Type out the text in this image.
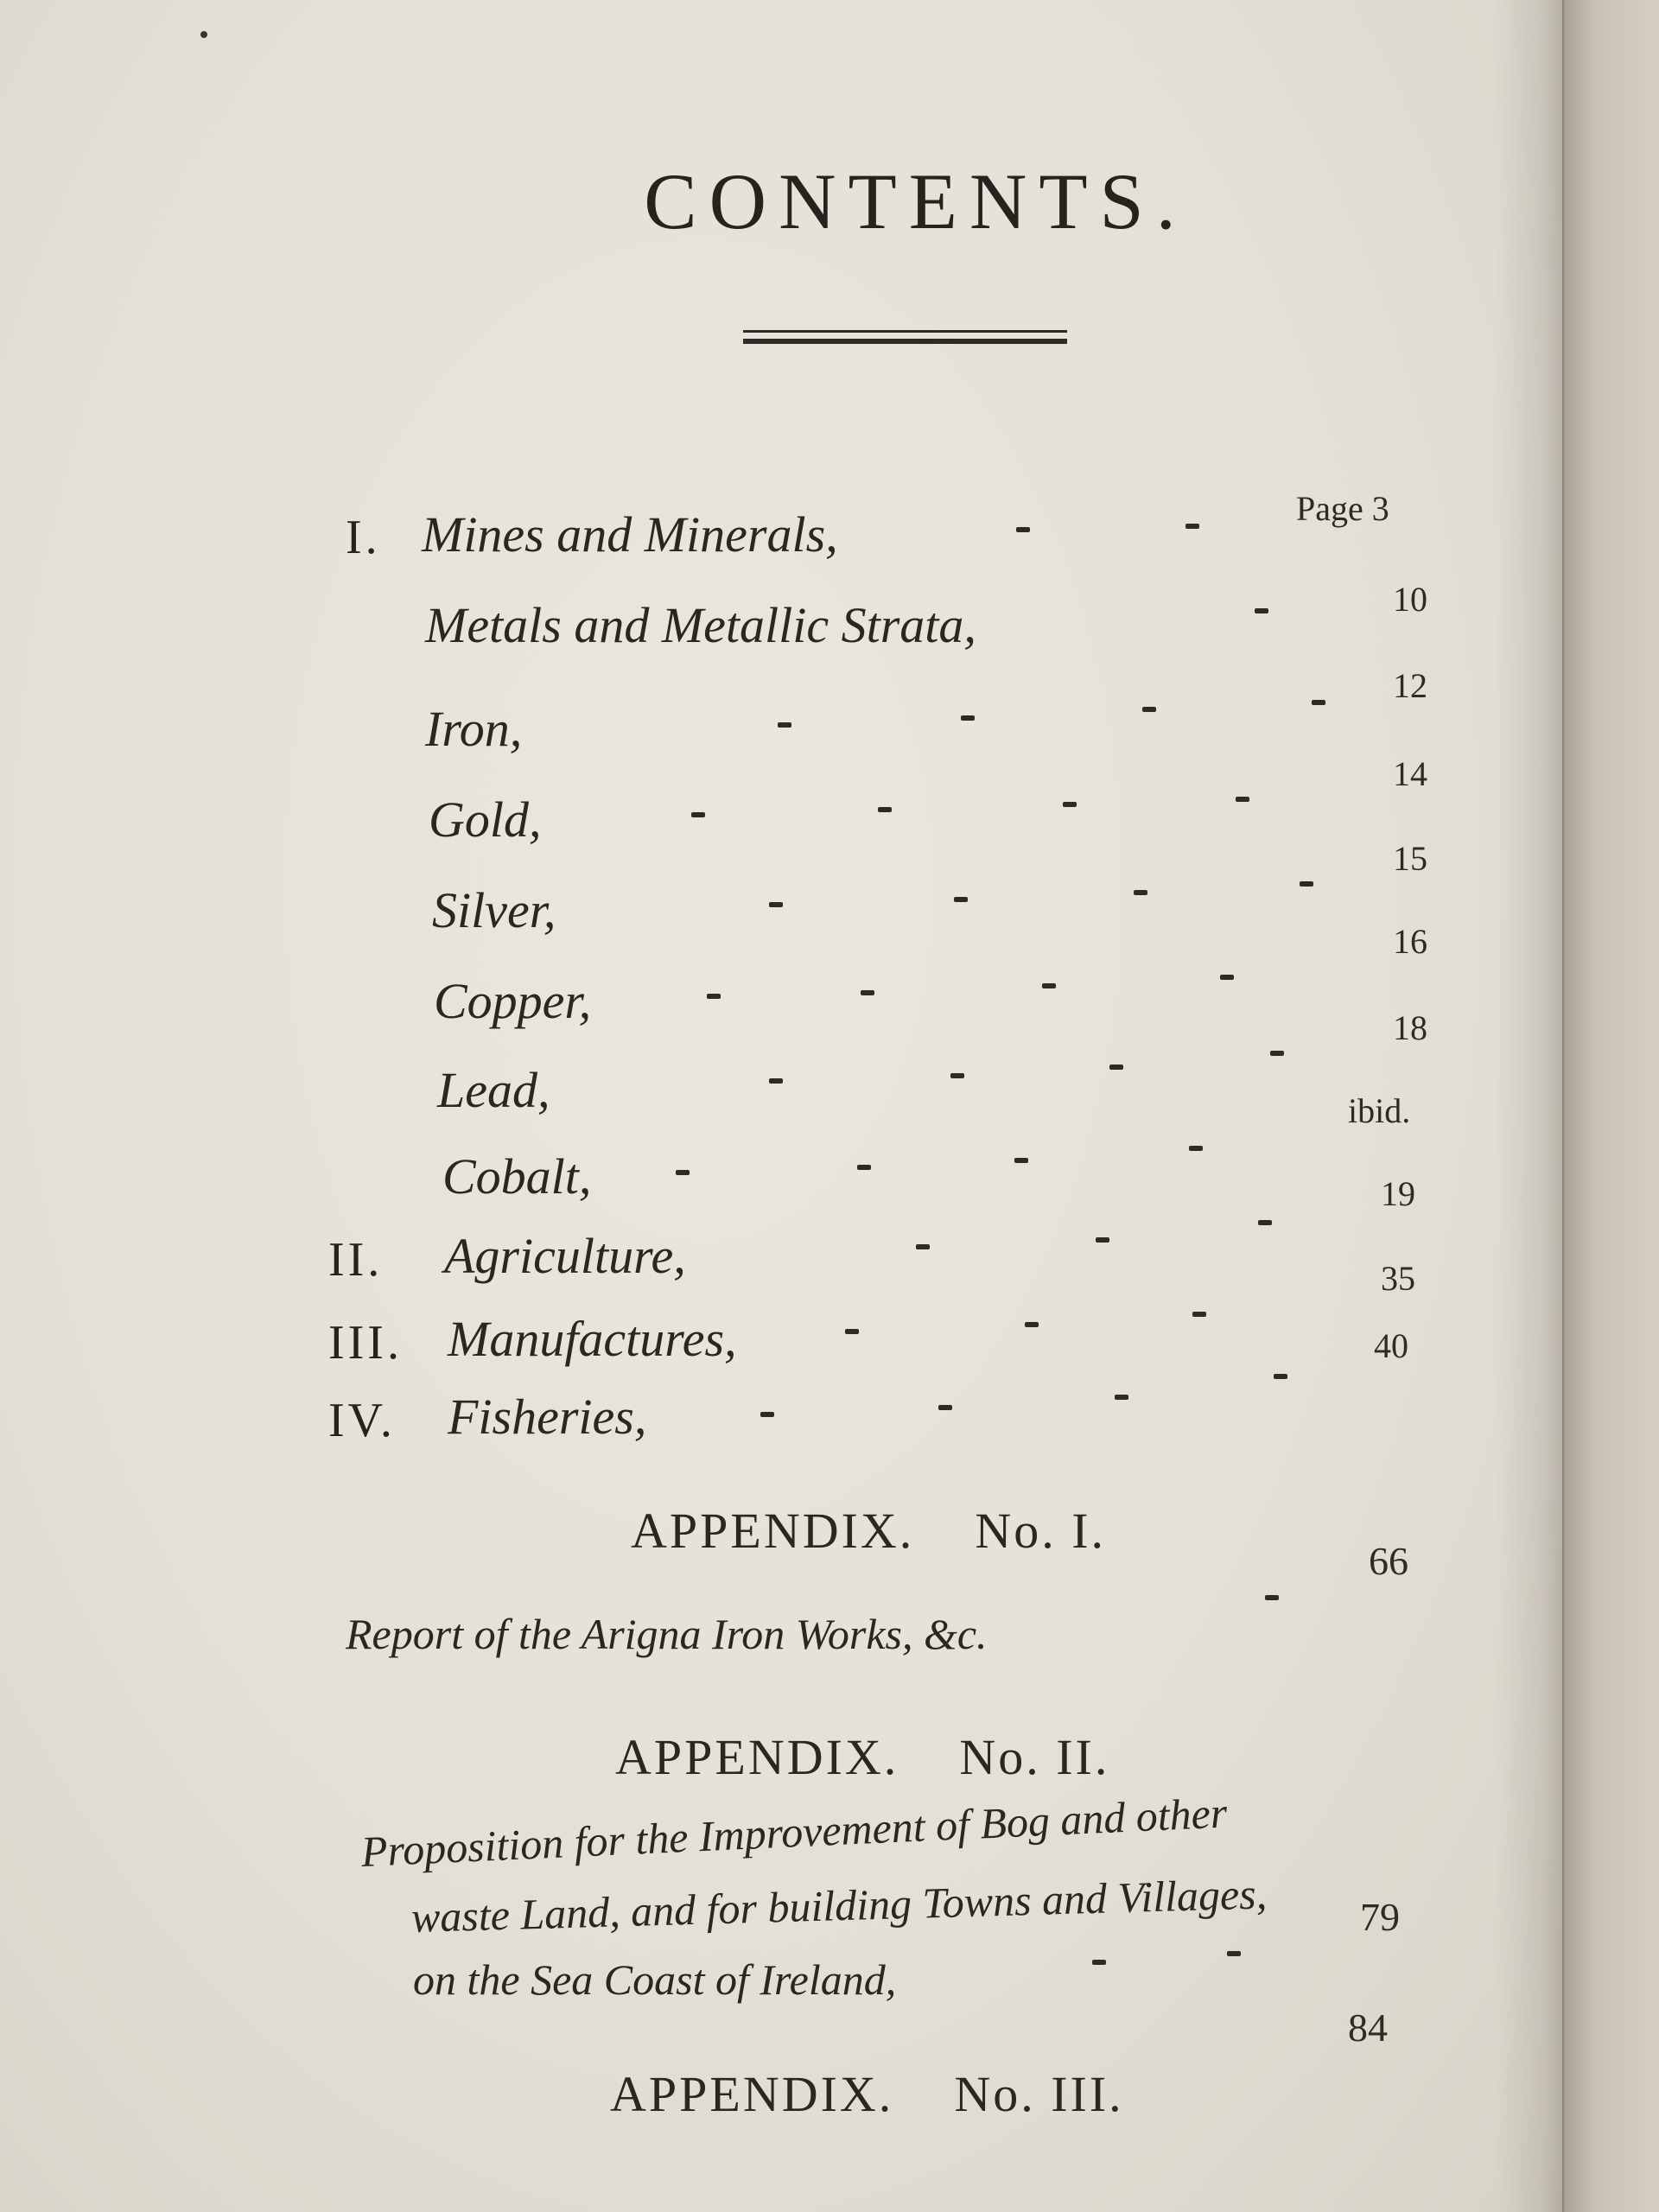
CONTENTS.
I. Mines and Minerals,	Page 3
Metals and Metallic Strata,	10
Iron,
12
Gold,
14
Silver,
15
Copper,
16
Lead,
18
Cobalt,
ibid.
II. Agriculture,
19
III. Manufactures,
35
IV. Fisheries,
40
APPENDIX. No. I.
66
Report of the Arigna Iron Works, &c.
APPENDIX. No. II.
Proposition for the Improvement of Bog and other
waste Land, and for building Towns and Villages,
on the Sea Coast of Ireland,
79
84
APPENDIX. No. III.
